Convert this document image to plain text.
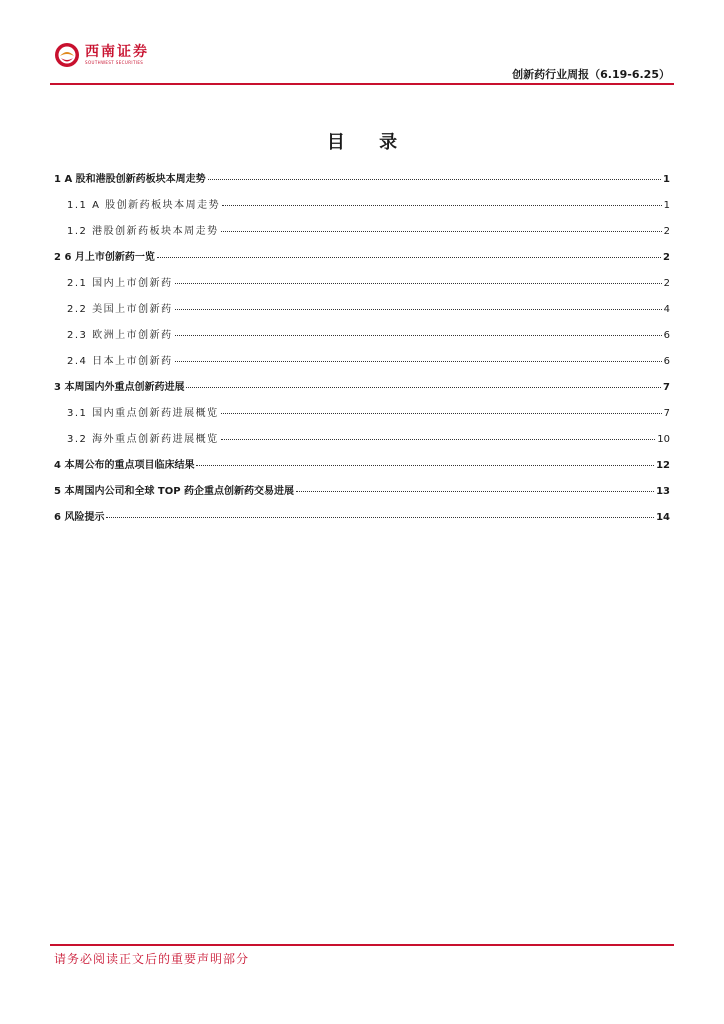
西南证券
SOUTHWEST SECURITIES
创新药行业周报（6.19-6.25）
目 录
1 A 股和港股创新药板块本周走势	1
1.1 A 股创新药板块本周走势	1
1.2 港股创新药板块本周走势	2
2 6 月上市创新药一览	2
2.1 国内上市创新药	2
2.2 美国上市创新药	4
2.3 欧洲上市创新药	6
2.4 日本上市创新药	6
3 本周国内外重点创新药进展	7
3.1 国内重点创新药进展概览	7
3.2 海外重点创新药进展概览	10
4 本周公布的重点项目临床结果	12
5 本周国内公司和全球 TOP 药企重点创新药交易进展	13
6 风险提示	14
请务必阅读正文后的重要声明部分
